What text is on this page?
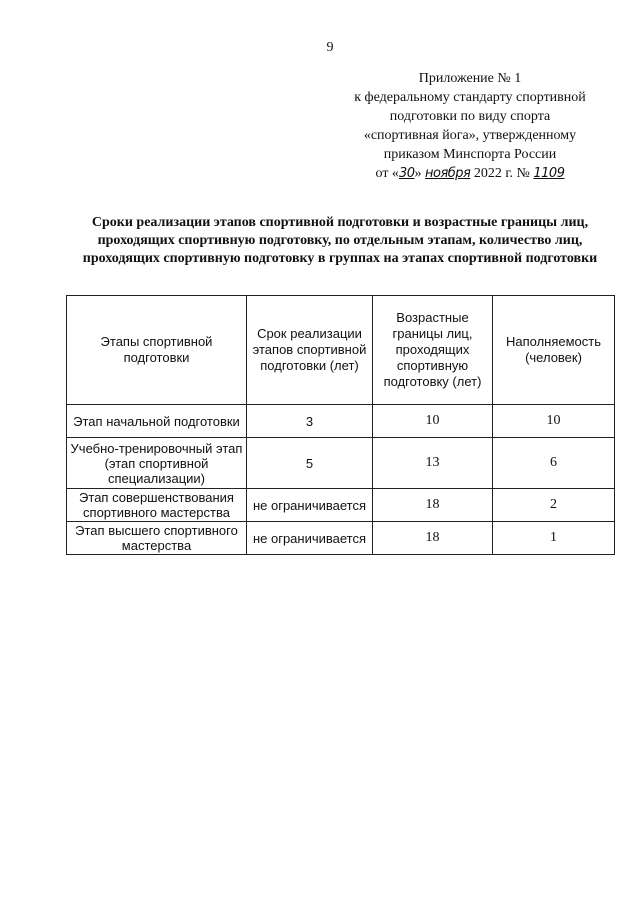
9
Приложение № 1
к федеральному стандарту спортивной
подготовки по виду спорта
«спортивная йога», утвержденному
приказом Минспорта России
от «30» ноября 2022 г. № 1109
Сроки реализации этапов спортивной подготовки и возрастные границы лиц, проходящих спортивную подготовку, по отдельным этапам, количество лиц, проходящих спортивную подготовку в группах на этапах спортивной подготовки
Этапы спортивной подготовки	Срок реализации этапов спортивной подготовки (лет)	Возрастные границы лиц, проходящих спортивную подготовку (лет)	Наполняемость (человек)
Этап начальной подготовки	3	10	10
Учебно-тренировочный этап (этап спортивной специализации)	5	13	6
Этап совершенствования спортивного мастерства	не ограничивается	18	2
Этап высшего спортивного мастерства	не ограничивается	18	1
